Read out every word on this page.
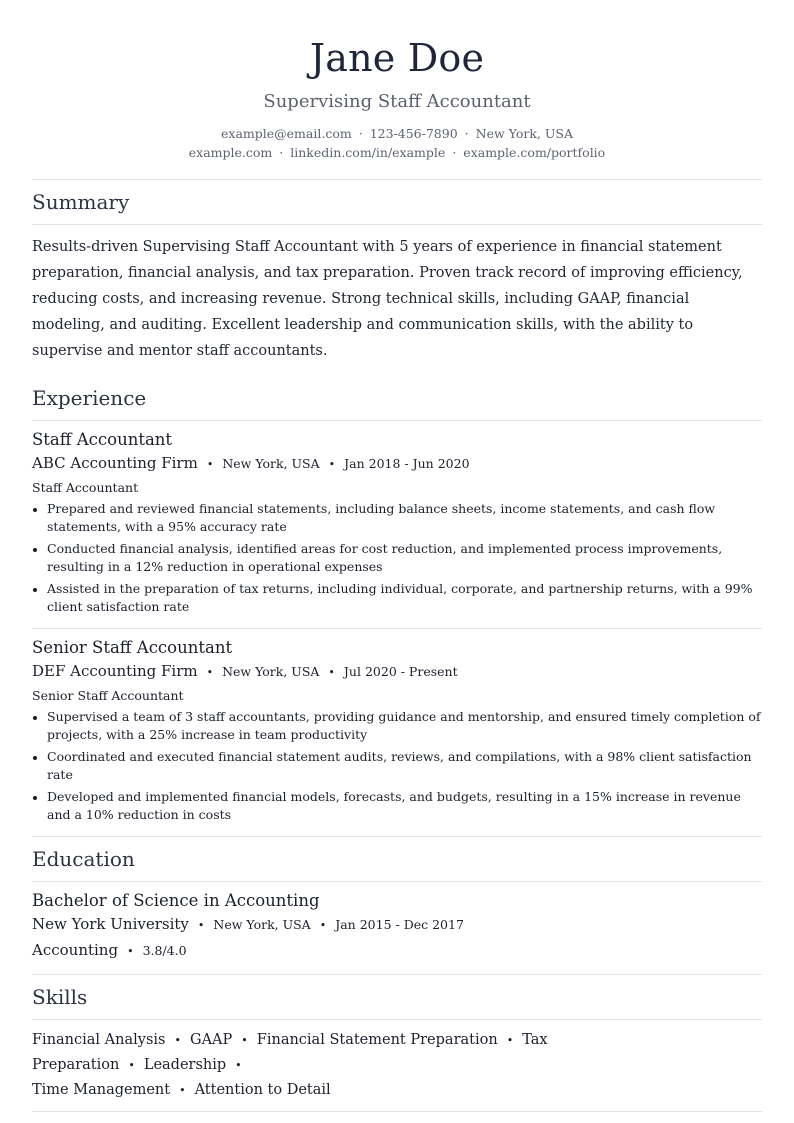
Jane Doe
Supervising Staff Accountant
example@email.com · 123-456-7890 · New York, USA
example.com · linkedin.com/in/example · example.com/portfolio
Summary

Results-driven Supervising Staff Accountant with 5 years of experience in financial statement preparation, financial analysis, and tax preparation. Proven track record of improving efficiency, reducing costs, and increasing revenue. Strong technical skills, including GAAP, financial modeling, and auditing. Excellent leadership and communication skills, with the ability to supervise and mentor staff accountants.

Experience
Staff Accountant
ABC Accounting Firm • New York, USA • Jan 2018 - Jun 2020
Staff Accountant
Prepared and reviewed financial statements, including balance sheets, income statements, and cash flow statements, with a 95% accuracy rate
Conducted financial analysis, identified areas for cost reduction, and implemented process improvements, resulting in a 12% reduction in operational expenses
Assisted in the preparation of tax returns, including individual, corporate, and partnership returns, with a 99% client satisfaction rate
Senior Staff Accountant
DEF Accounting Firm • New York, USA • Jul 2020 - Present
Senior Staff Accountant
Supervised a team of 3 staff accountants, providing guidance and mentorship, and ensured timely completion of projects, with a 25% increase in team productivity
Coordinated and executed financial statement audits, reviews, and compilations, with a 98% client satisfaction rate
Developed and implemented financial models, forecasts, and budgets, resulting in a 15% increase in revenue and a 10% reduction in costs
Education
Bachelor of Science in Accounting
New York University • New York, USA • Jan 2015 - Dec 2017
Accounting • 3.8/4.0
Skills
Financial Analysis • GAAP • Financial Statement Preparation • Tax Preparation • Leadership •
Time Management • Attention to Detail
